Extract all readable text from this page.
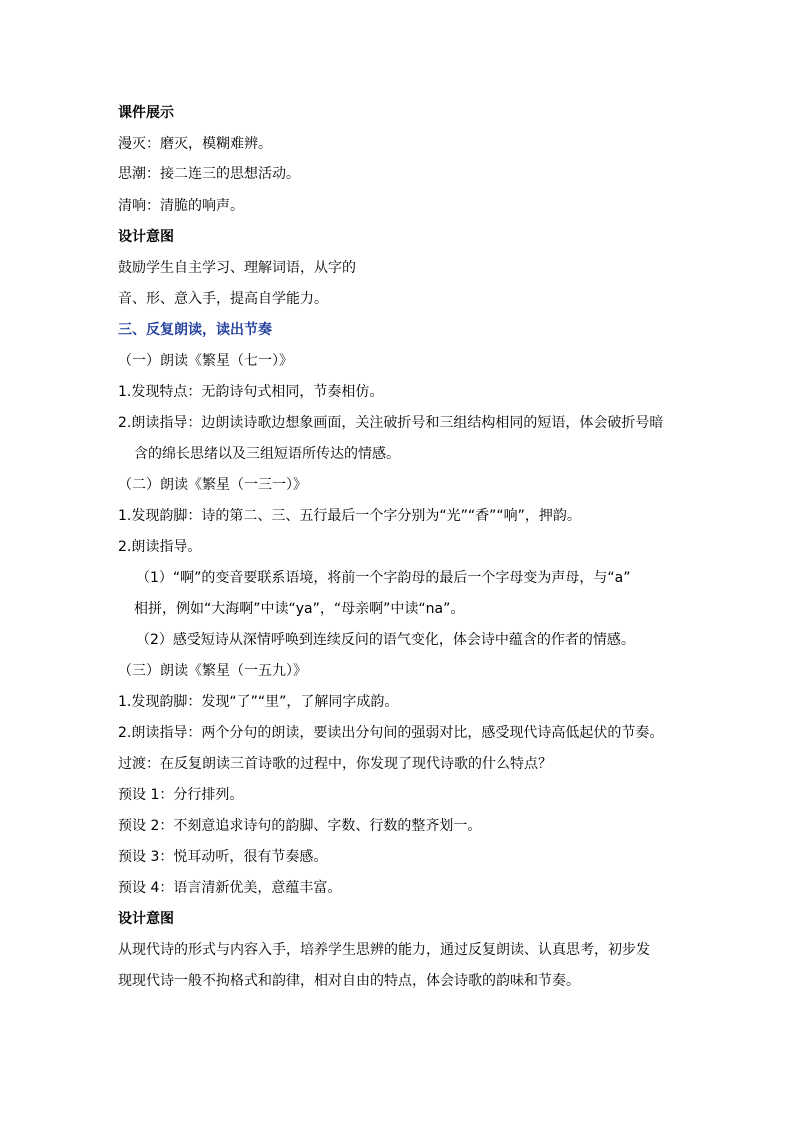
课件展示

漫灭：磨灭，模糊难辨。

思潮：接二连三的思想活动。

清响：清脆的响声。

设计意图

鼓励学生自主学习、理解词语，从字的

音、形、意入手，提高自学能力。

三、反复朗读，读出节奏

（一）朗读《繁星（七一）》

1.发现特点：无韵诗句式相同，节奏相仿。

2.朗读指导：边朗读诗歌边想象画面，关注破折号和三组结构相同的短语，体会破折号暗

含的绵长思绪以及三组短语所传达的情感。

（二）朗读《繁星（一三一）》

1.发现韵脚：诗的第二、三、五行最后一个字分别为“光”“香”“响”，押韵。

2.朗读指导。

（1）“啊”的变音要联系语境，将前一个字韵母的最后一个字母变为声母，与“a”

相拼，例如“大海啊”中读“ya”，“母亲啊”中读“na”。

（2）感受短诗从深情呼唤到连续反问的语气变化，体会诗中蕴含的作者的情感。

（三）朗读《繁星（一五九）》

1.发现韵脚：发现“了”“里”，了解同字成韵。

2.朗读指导：两个分句的朗读，要读出分句间的强弱对比，感受现代诗高低起伏的节奏。

过渡：在反复朗读三首诗歌的过程中，你发现了现代诗歌的什么特点？

预设 1：分行排列。

预设 2：不刻意追求诗句的韵脚、字数、行数的整齐划一。

预设 3：悦耳动听，很有节奏感。

预设 4：语言清新优美，意蕴丰富。

设计意图

从现代诗的形式与内容入手，培养学生思辨的能力，通过反复朗读、认真思考，初步发

现现代诗一般不拘格式和韵律，相对自由的特点，体会诗歌的韵味和节奏。
